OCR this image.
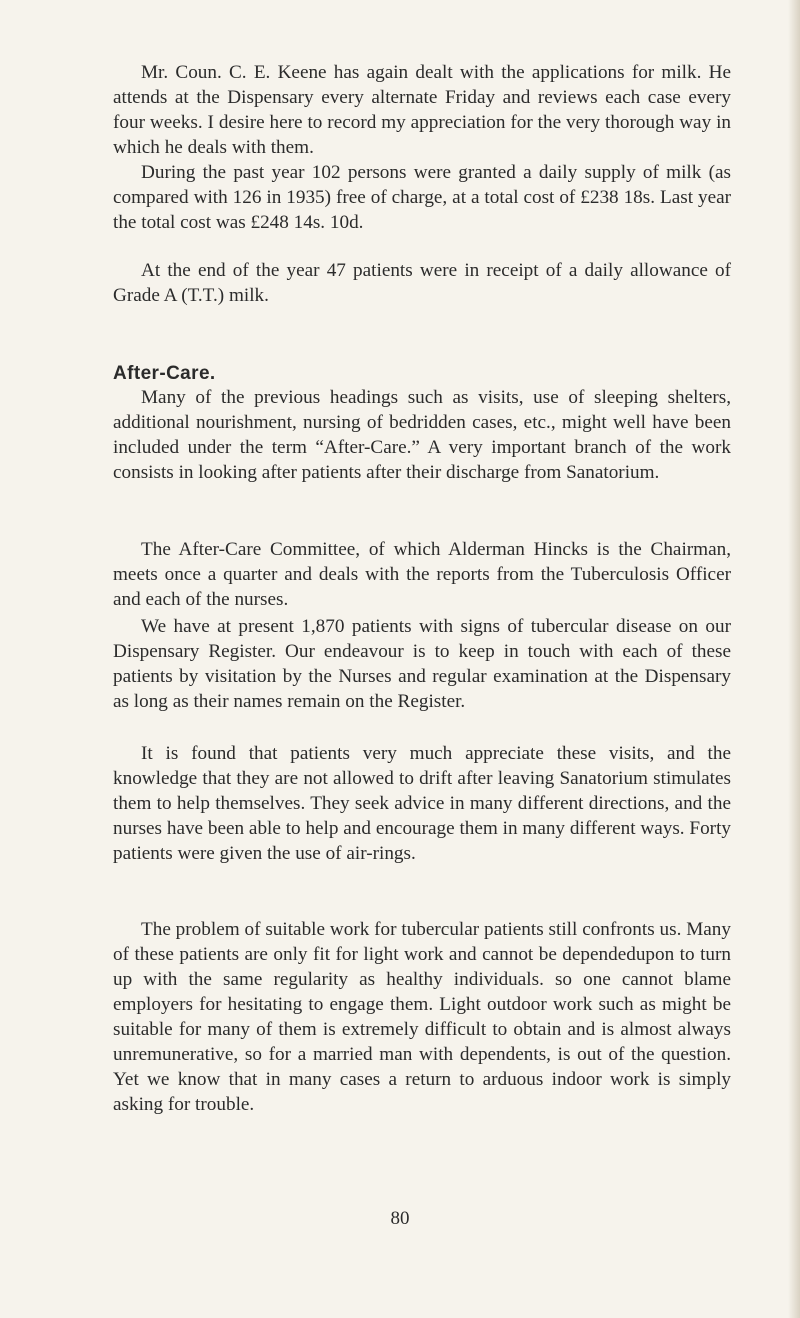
Mr. Coun. C. E. Keene has again dealt with the applications for milk. He attends at the Dispensary every alternate Friday and reviews each case every four weeks. I desire here to record my appreciation for the very thorough way in which he deals with them.

During the past year 102 persons were granted a daily supply of milk (as compared with 126 in 1935) free of charge, at a total cost of £238 18s. Last year the total cost was £248 14s. 10d.

At the end of the year 47 patients were in receipt of a daily allowance of Grade A (T.T.) milk.

After-Care.

Many of the previous headings such as visits, use of sleeping shelters, additional nourishment, nursing of bedridden cases, etc., might well have been included under the term “After-Care.” A very important branch of the work consists in looking after patients after their discharge from Sanatorium.

The After-Care Committee, of which Alderman Hincks is the Chairman, meets once a quarter and deals with the reports from the Tuberculosis Officer and each of the nurses.

We have at present 1,870 patients with signs of tubercular disease on our Dispensary Register. Our endeavour is to keep in touch with each of these patients by visitation by the Nurses and regular examination at the Dispensary as long as their names remain on the Register.

It is found that patients very much appreciate these visits, and the knowledge that they are not allowed to drift after leaving Sanatorium stimulates them to help themselves. They seek advice in many different directions, and the nurses have been able to help and encourage them in many different ways. Forty patients were given the use of air-rings.

The problem of suitable work for tubercular patients still confronts us. Many of these patients are only fit for light work and cannot be dependedupon to turn up with the same regularity as healthy individuals. so one cannot blame employers for hesitating to engage them. Light outdoor work such as might be suitable for many of them is extremely difficult to obtain and is almost always unremunerative, so for a married man with dependents, is out of the question. Yet we know that in many cases a return to arduous indoor work is simply asking for trouble.

80
